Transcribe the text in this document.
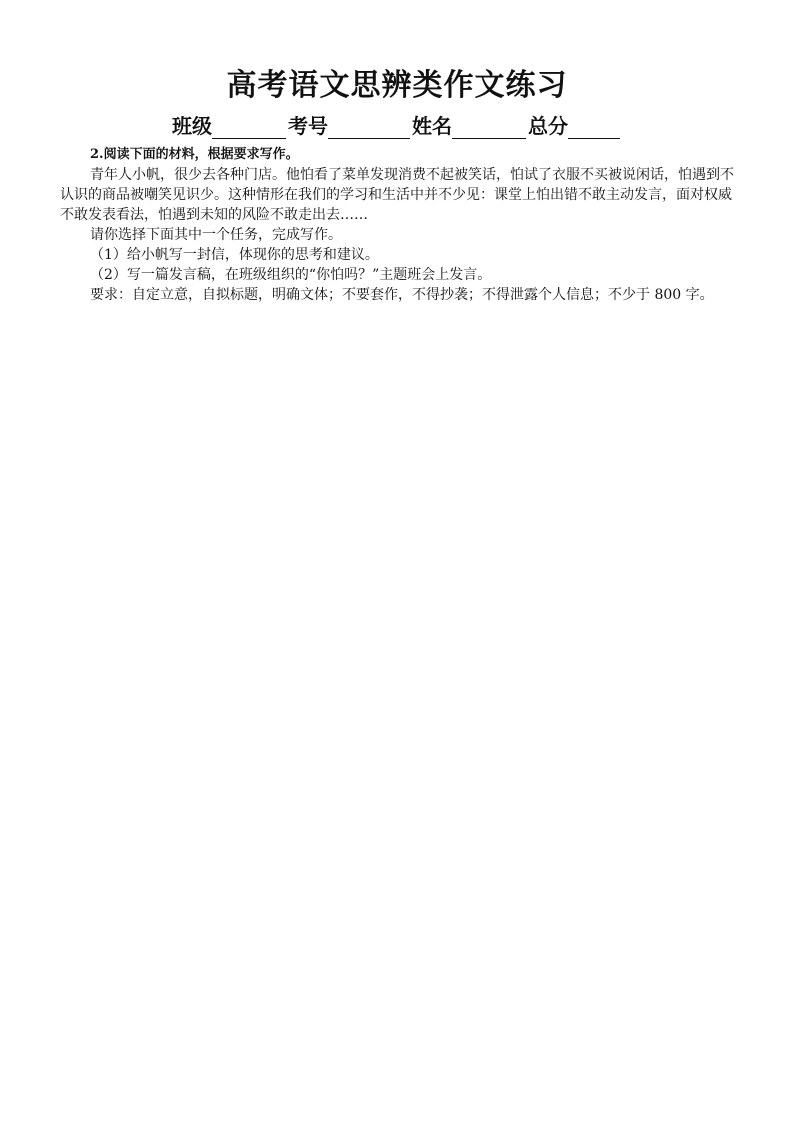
高考语文思辨类作文练习
班级	考号	姓名	总分

2.阅读下面的材料，根据要求写作。

青年人小帆，很少去各种门店。他怕看了菜单发现消费不起被笑话，怕试了衣服不买被说闲话，怕遇到不认识的商品被嘲笑见识少。这种情形在我们的学习和生活中并不少见：课堂上怕出错不敢主动发言，面对权威不敢发表看法，怕遇到未知的风险不敢走出去……

请你选择下面其中一个任务，完成写作。

（1）给小帆写一封信，体现你的思考和建议。

（2）写一篇发言稿，在班级组织的“你怕吗？”主题班会上发言。

要求：自定立意，自拟标题，明确文体；不要套作，不得抄袭；不得泄露个人信息；不少于 800 字。
